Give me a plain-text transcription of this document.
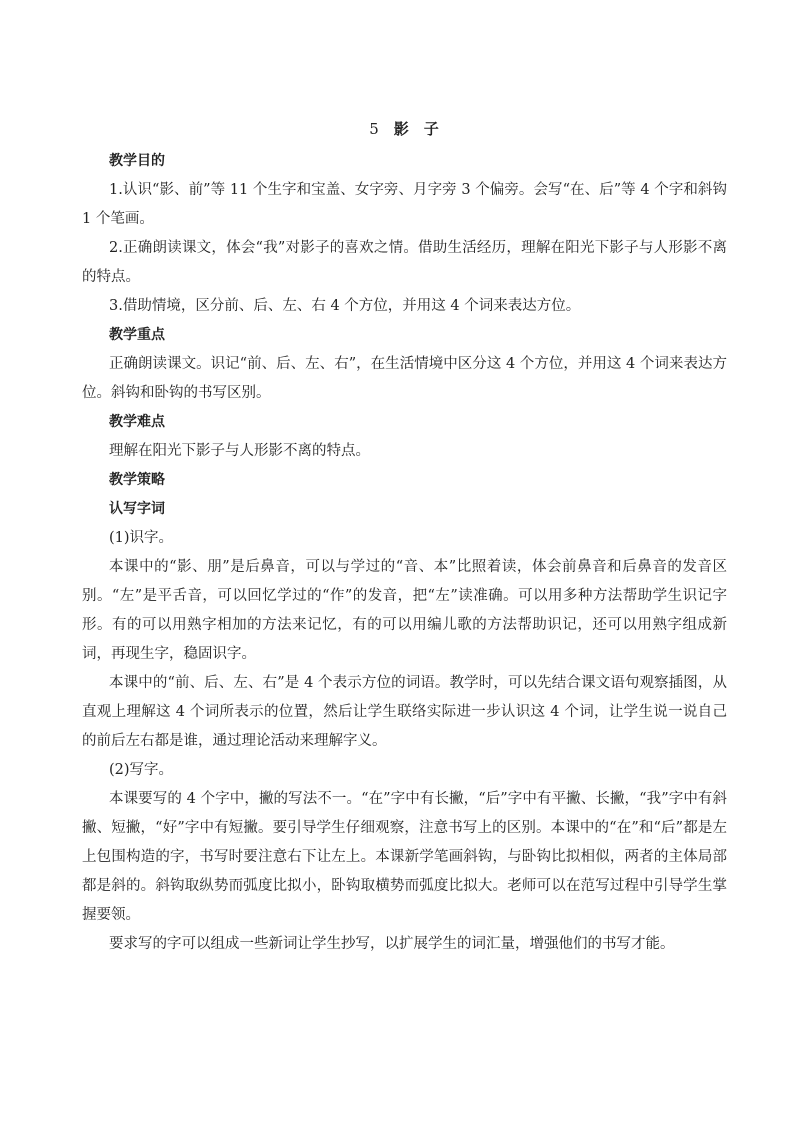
5 影 子
教学目的
1.认识“影、前”等 11 个生字和宝盖、女字旁、月字旁 3 个偏旁。会写“在、后”等 4 个字和斜钩 1 个笔画。
2.正确朗读课文，体会“我”对影子的喜欢之情。借助生活经历，理解在阳光下影子与人形影不离的特点。
3.借助情境，区分前、后、左、右 4 个方位，并用这 4 个词来表达方位。
教学重点
正确朗读课文。识记“前、后、左、右”，在生活情境中区分这 4 个方位，并用这 4 个词来表达方位。斜钩和卧钩的书写区别。
教学难点
理解在阳光下影子与人形影不离的特点。
教学策略
认写字词
(1)识字。
本课中的“影、朋”是后鼻音，可以与学过的“音、本”比照着读，体会前鼻音和后鼻音的发音区别。“左”是平舌音，可以回忆学过的“作”的发音，把“左”读准确。可以用多种方法帮助学生识记字形。有的可以用熟字相加的方法来记忆，有的可以用编儿歌的方法帮助识记，还可以用熟字组成新词，再现生字，稳固识字。
本课中的“前、后、左、右”是 4 个表示方位的词语。教学时，可以先结合课文语句观察插图，从直观上理解这 4 个词所表示的位置，然后让学生联络实际进一步认识这 4 个词，让学生说一说自己的前后左右都是谁，通过理论活动来理解字义。
(2)写字。
本课要写的 4 个字中，撇的写法不一。“在”字中有长撇，“后”字中有平撇、长撇，“我”字中有斜撇、短撇，“好”字中有短撇。要引导学生仔细观察，注意书写上的区别。本课中的“在”和“后”都是左上包围构造的字，书写时要注意右下让左上。本课新学笔画斜钩，与卧钩比拟相似，两者的主体局部都是斜的。斜钩取纵势而弧度比拟小，卧钩取横势而弧度比拟大。老师可以在范写过程中引导学生掌握要领。
要求写的字可以组成一些新词让学生抄写，以扩展学生的词汇量，增强他们的书写才能。
